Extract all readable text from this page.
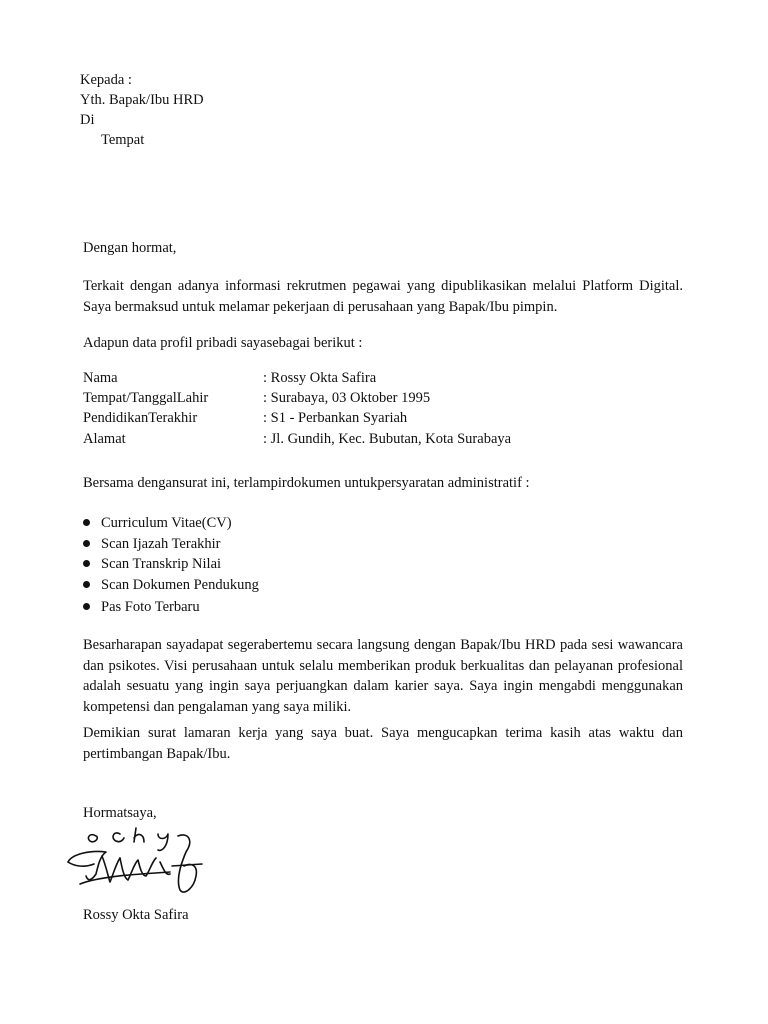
Kepada :
Yth. Bapak/Ibu HRD
Di
Tempat
Dengan hormat,
Terkait dengan adanya informasi rekrutmen pegawai yang dipublikasikan melalui Platform Digital. Saya bermaksud untuk melamar pekerjaan di perusahaan yang Bapak/Ibu pimpin.
Adapun data profil pribadi sayasebagai berikut :
Nama	: Rossy Okta Safira
Tempat/TanggalLahir	: Surabaya, 03 Oktober 1995
PendidikanTerakhir	: S1 - Perbankan Syariah
Alamat	: Jl. Gundih, Kec. Bubutan, Kota Surabaya
Bersama dengansurat ini, terlampirdokumen untukpersyaratan administratif :
Curriculum Vitae(CV)
Scan Ijazah Terakhir
Scan Transkrip Nilai
Scan Dokumen Pendukung
Pas Foto Terbaru
Besarharapan sayadapat segerabertemu secara langsung dengan Bapak/Ibu HRD pada sesi wawancara dan psikotes. Visi perusahaan untuk selalu memberikan produk berkualitas dan pelayanan profesional adalah sesuatu yang ingin saya perjuangkan dalam karier saya. Saya ingin mengabdi menggunakan kompetensi dan pengalaman yang saya miliki.
Demikian surat lamaran kerja yang saya buat. Saya mengucapkan terima kasih atas waktu dan pertimbangan Bapak/Ibu.
Hormatsaya,
Rossy Okta Safira
